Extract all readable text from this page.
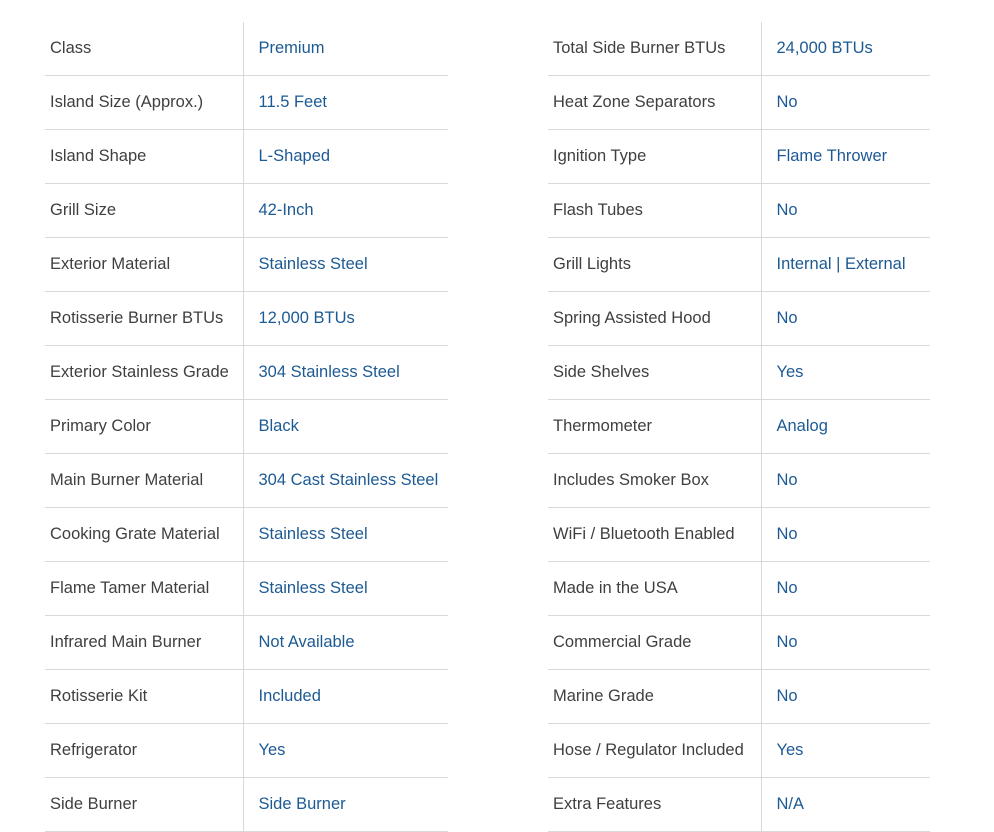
Class	Premium
Island Size (Approx.)	11.5 Feet
Island Shape	L-Shaped
Grill Size	42-Inch
Exterior Material	Stainless Steel
Rotisserie Burner BTUs	12,000 BTUs
Exterior Stainless Grade	304 Stainless Steel
Primary Color	Black
Main Burner Material	304 Cast Stainless Steel
Cooking Grate Material	Stainless Steel
Flame Tamer Material	Stainless Steel
Infrared Main Burner	Not Available
Rotisserie Kit	Included
Refrigerator	Yes
Side Burner	Side Burner
Total Side Burner BTUs	24,000 BTUs
Heat Zone Separators	No
Ignition Type	Flame Thrower
Flash Tubes	No
Grill Lights	Internal | External
Spring Assisted Hood	No
Side Shelves	Yes
Thermometer	Analog
Includes Smoker Box	No
WiFi / Bluetooth Enabled	No
Made in the USA	No
Commercial Grade	No
Marine Grade	No
Hose / Regulator Included	Yes
Extra Features	N/A
